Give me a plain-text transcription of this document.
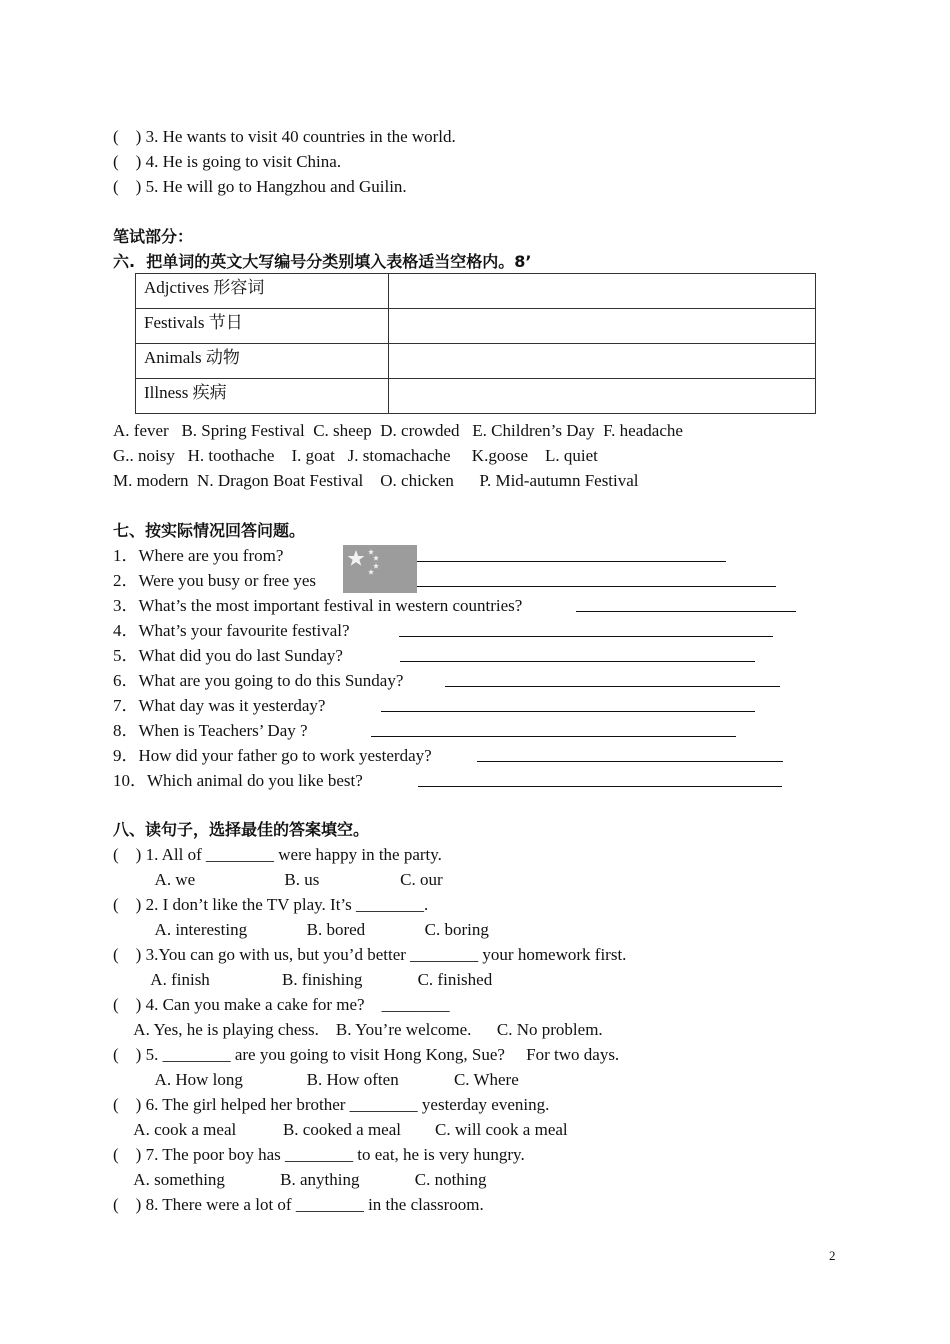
(    ) 3. He wants to visit 40 countries in the world.
(    ) 4. He is going to visit China.
(    ) 5. He will go to Hangzhou and Guilin.
笔试部分：
六.  把单词的英文大写编号分类别填入表格适当空格内。8’
Adjctives 形容词	
Festivals 节日	
Animals 动物	
Illness 疾病	
A. fever   B. Spring Festival  C. sheep  D. crowded   E. Children’s Day  F. headache
G.. noisy   H. toothache    I. goat   J. stomachache     K.goose    L. quiet
M. modern  N. Dragon Boat Festival    O. chicken      P. Mid-autumn Festival
七、按实际情况回答问题。
1．Where are you from?
2．Were you busy or free yes
3．What’s the most important festival in western countries?
4．What’s your favourite festival?
5．What did you do last Sunday?
6．What are you going to do this Sunday?
7．What day was it yesterday?
8．When is Teachers’ Day ?
9．How did your father go to work yesterday?
10．Which animal do you like best?
八、读句子，选择最佳的答案填空。
(    ) 1. All of ________ were happy in the party.
A. we                     B. us                   C. our
(    ) 2. I don’t like the TV play. It’s ________.
A. interesting              B. bored              C. boring
(    ) 3.You can go with us, but you’d better ________ your homework first.
A. finish                 B. finishing             C. finished
(    ) 4. Can you make a cake for me?    ________
A. Yes, he is playing chess.    B. You’re welcome.      C. No problem.
(    ) 5. ________ are you going to visit Hong Kong, Sue?     For two days.
A. How long               B. How often             C. Where
(    ) 6. The girl helped her brother ________ yesterday evening.
A. cook a meal           B. cooked a meal        C. will cook a meal
(    ) 7. The poor boy has ________ to eat, he is very hungry.
A. something             B. anything             C. nothing
(    ) 8. There were a lot of ________ in the classroom.
2
